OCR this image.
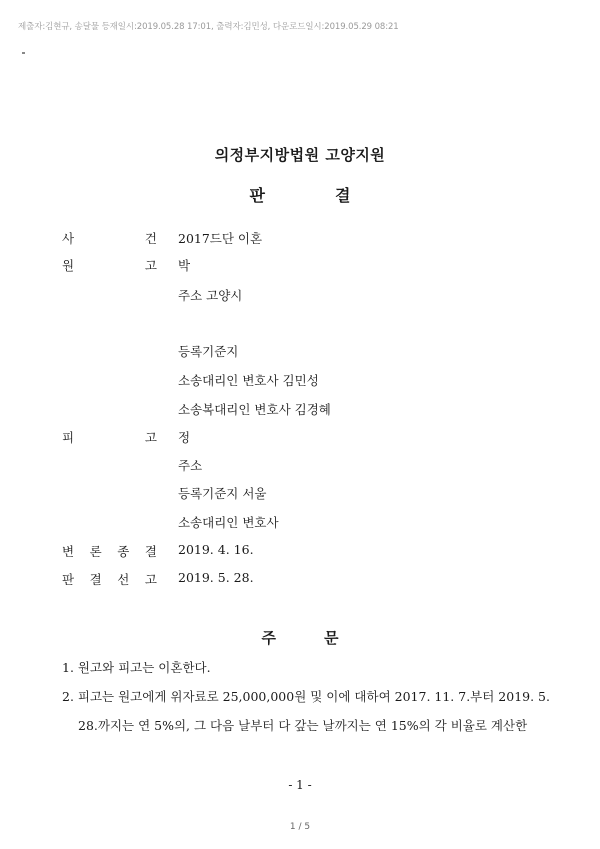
제출자:김현규, 송달물 등재일시:2019.05.28 17:01, 출력자:김민성, 다운로드일시:2019.05.29 08:21
의정부지방법원 고양지원
판	결
사	건 2017드단 이혼
원	고 박
주소 고양시
등록기준지
소송대리인 변호사 김민성
소송복대리인 변호사 김경혜
피	고 정
주소
등록기준지 서울
소송대리인 변호사
변 론 종 결 2019. 4. 16.
판 결 선 고 2019. 5. 28.
주	문
1. 원고와 피고는 이혼한다.
2. 피고는 원고에게 위자료로 25,000,000원 및 이에 대하여 2017. 11. 7.부터 2019. 5.
28.까지는 연 5%의, 그 다음 날부터 다 갚는 날까지는 연 15%의 각 비율로 계산한
- 1 -
1 / 5
